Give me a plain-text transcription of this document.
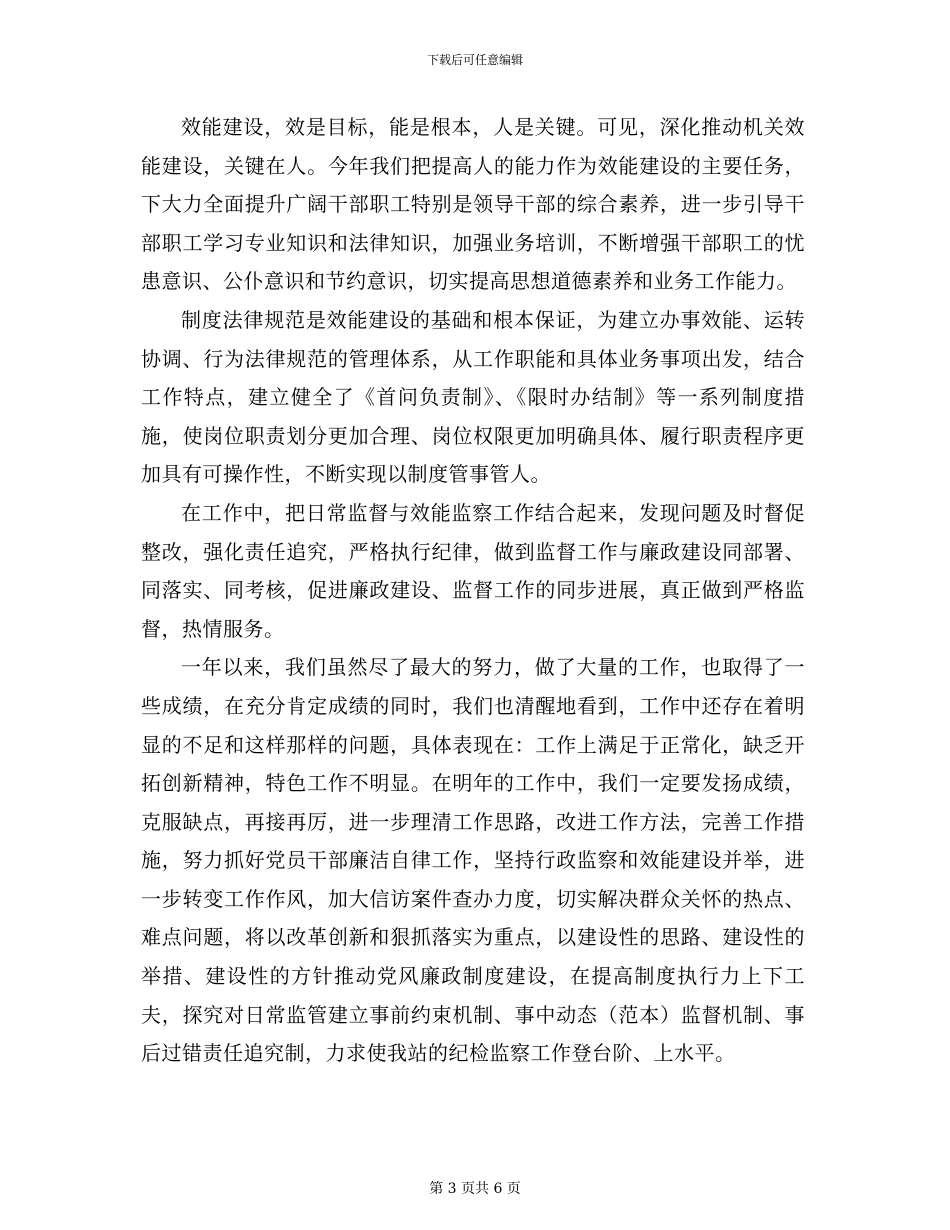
下载后可任意编辑

效能建设，效是目标，能是根本，人是关键。可见，深化推动机关效能建设，关键在人。今年我们把提高人的能力作为效能建设的主要任务，下大力全面提升广阔干部职工特别是领导干部的综合素养，进一步引导干部职工学习专业知识和法律知识，加强业务培训，不断增强干部职工的忧患意识、公仆意识和节约意识，切实提高思想道德素养和业务工作能力。

制度法律规范是效能建设的基础和根本保证，为建立办事效能、运转协调、行为法律规范的管理体系，从工作职能和具体业务事项出发，结合工作特点，建立健全了《首问负责制》、《限时办结制》等一系列制度措施，使岗位职责划分更加合理、岗位权限更加明确具体、履行职责程序更加具有可操作性，不断实现以制度管事管人。

在工作中，把日常监督与效能监察工作结合起来，发现问题及时督促整改，强化责任追究，严格执行纪律，做到监督工作与廉政建设同部署、同落实、同考核，促进廉政建设、监督工作的同步进展，真正做到严格监督，热情服务。

一年以来，我们虽然尽了最大的努力，做了大量的工作，也取得了一些成绩，在充分肯定成绩的同时，我们也清醒地看到，工作中还存在着明显的不足和这样那样的问题，具体表现在：工作上满足于正常化，缺乏开拓创新精神，特色工作不明显。在明年的工作中，我们一定要发扬成绩，克服缺点，再接再厉，进一步理清工作思路，改进工作方法，完善工作措施，努力抓好党员干部廉洁自律工作，坚持行政监察和效能建设并举，进一步转变工作作风，加大信访案件查办力度，切实解决群众关怀的热点、难点问题，将以改革创新和狠抓落实为重点，以建设性的思路、建设性的举措、建设性的方针推动党风廉政制度建设，在提高制度执行力上下工夫，探究对日常监管建立事前约束机制、事中动态（范本）监督机制、事后过错责任追究制，力求使我站的纪检监察工作登台阶、上水平。

第 3 页共 6 页
